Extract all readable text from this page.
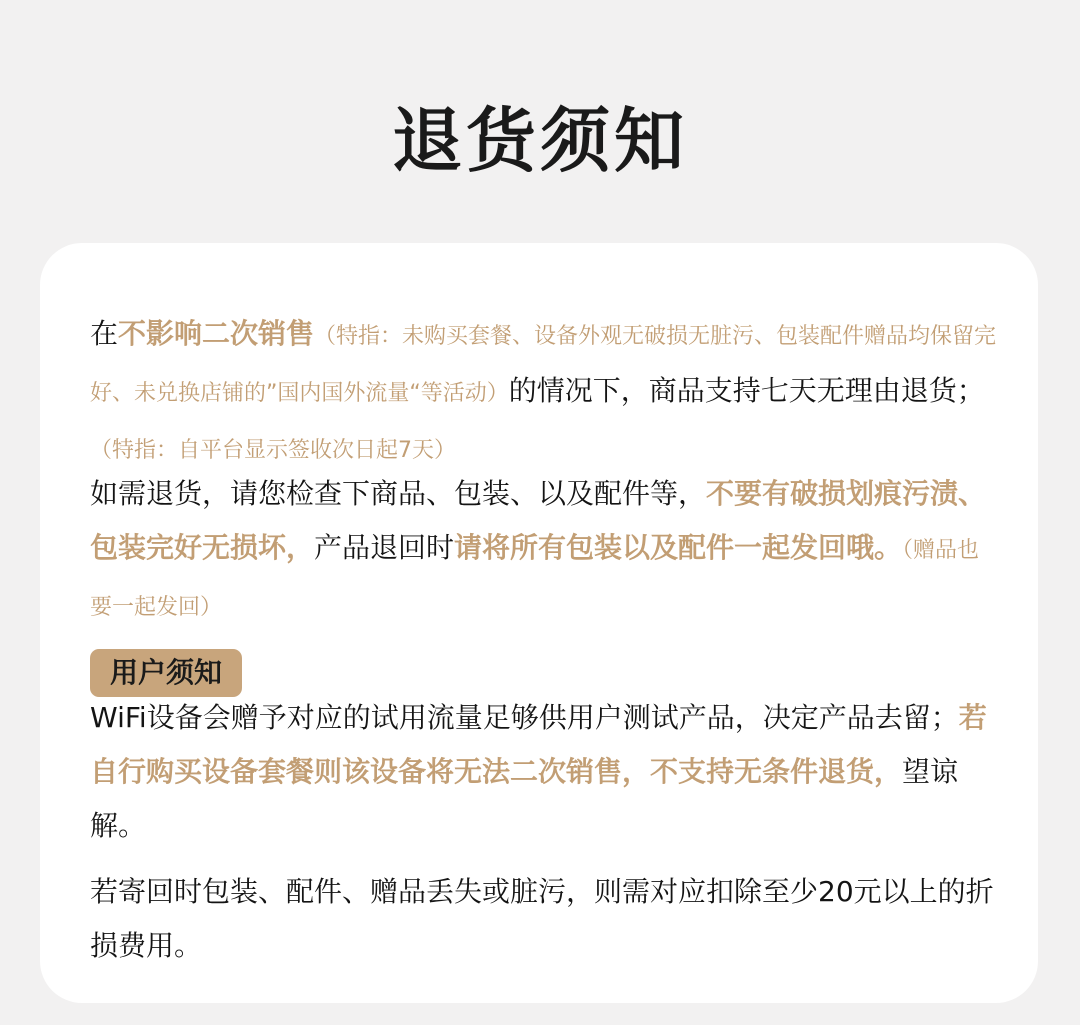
退货须知

在不影响二次销售（特指：未购买套餐、设备外观无破损无脏污、包装配件赠品均保留完好、未兑换店铺的”国内国外流量“等活动）的情况下，商品支持七天无理由退货；（特指：自平台显示签收次日起7天）

如需退货，请您检查下商品、包装、以及配件等，不要有破损划痕污渍、包装完好无损坏，产品退回时请将所有包装以及配件一起发回哦。（赠品也要一起发回）

用户须知

WiFi设备会赠予对应的试用流量足够供用户测试产品，决定产品去留；若自行购买设备套餐则该设备将无法二次销售，不支持无条件退货，望谅解。

若寄回时包装、配件、赠品丢失或脏污，则需对应扣除至少20元以上的折损费用。
